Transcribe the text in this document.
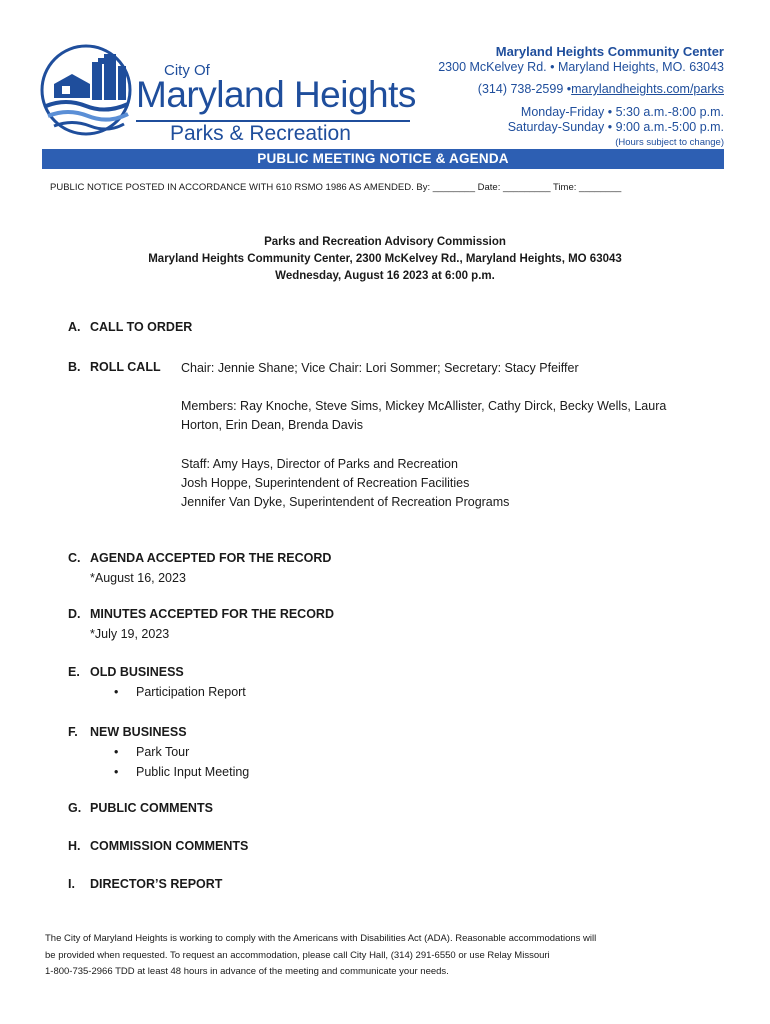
City Of
Maryland Heights
Parks & Recreation
Maryland Heights Community Center
2300 McKelvey Rd. • Maryland Heights, MO. 63043
(314) 738-2599 •marylandheights.com/parks
Monday-Friday • 5:30 a.m.-8:00 p.m.
Saturday-Sunday • 9:00 a.m.-5:00 p.m.
(Hours subject to change)
PUBLIC MEETING NOTICE & AGENDA
PUBLIC NOTICE POSTED IN ACCORDANCE WITH 610 RSMO 1986 AS AMENDED. By: ________ Date: _________ Time: ________
Parks and Recreation Advisory Commission
Maryland Heights Community Center, 2300 McKelvey Rd., Maryland Heights, MO 63043
Wednesday, August 16 2023 at 6:00 p.m.
A. CALL TO ORDER
B. ROLL CALL Chair: Jennie Shane; Vice Chair: Lori Sommer; Secretary: Stacy Pfeiffer
Members: Ray Knoche, Steve Sims, Mickey McAllister, Cathy Dirck, Becky Wells, Laura
Horton, Erin Dean, Brenda Davis
Staff: Amy Hays, Director of Parks and Recreation
Josh Hoppe, Superintendent of Recreation Facilities
Jennifer Van Dyke, Superintendent of Recreation Programs
C. AGENDA ACCEPTED FOR THE RECORD
*August 16, 2023
D. MINUTES ACCEPTED FOR THE RECORD
*July 19, 2023
E. OLD BUSINESS
• Participation Report
F. NEW BUSINESS
• Park Tour
• Public Input Meeting
G. PUBLIC COMMENTS
H. COMMISSION COMMENTS
I. DIRECTOR’S REPORT
The City of Maryland Heights is working to comply with the Americans with Disabilities Act (ADA). Reasonable accommodations will
be provided when requested. To request an accommodation, please call City Hall, (314) 291-6550 or use Relay Missouri
1-800-735-2966 TDD at least 48 hours in advance of the meeting and communicate your needs.
